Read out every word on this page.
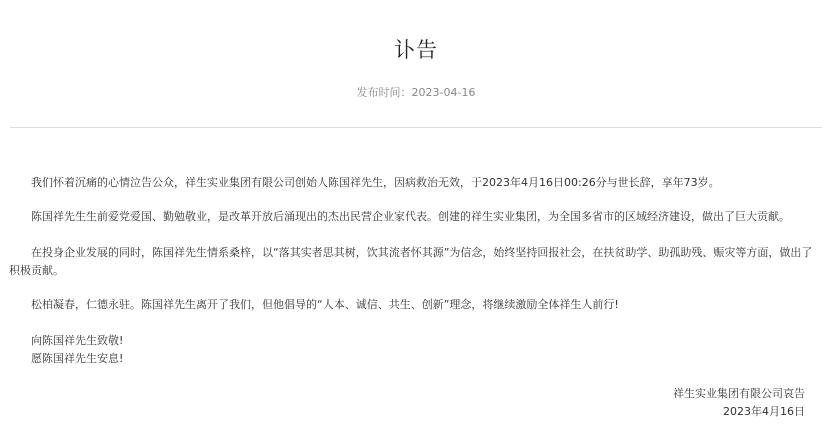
讣告
发布时间：2023-04-16

我们怀着沉痛的心情泣告公众，祥生实业集团有限公司创始人陈国祥先生，因病救治无效，于2023年4月16日00:26分与世长辞，享年73岁。

陈国祥先生生前爱党爱国、勤勉敬业，是改革开放后涌现出的杰出民营企业家代表。创建的祥生实业集团，为全国多省市的区域经济建设，做出了巨大贡献。

在投身企业发展的同时，陈国祥先生情系桑梓，以“落其实者思其树，饮其流者怀其源”为信念，始终坚持回报社会，在扶贫助学、助孤助残、赈灾等方面，做出了积极贡献。

松柏凝春，仁德永驻。陈国祥先生离开了我们，但他倡导的“人本、诚信、共生、创新”理念，将继续激励全体祥生人前行!

向陈国祥先生致敬!

愿陈国祥先生安息!

祥生实业集团有限公司哀告
2023年4月16日
